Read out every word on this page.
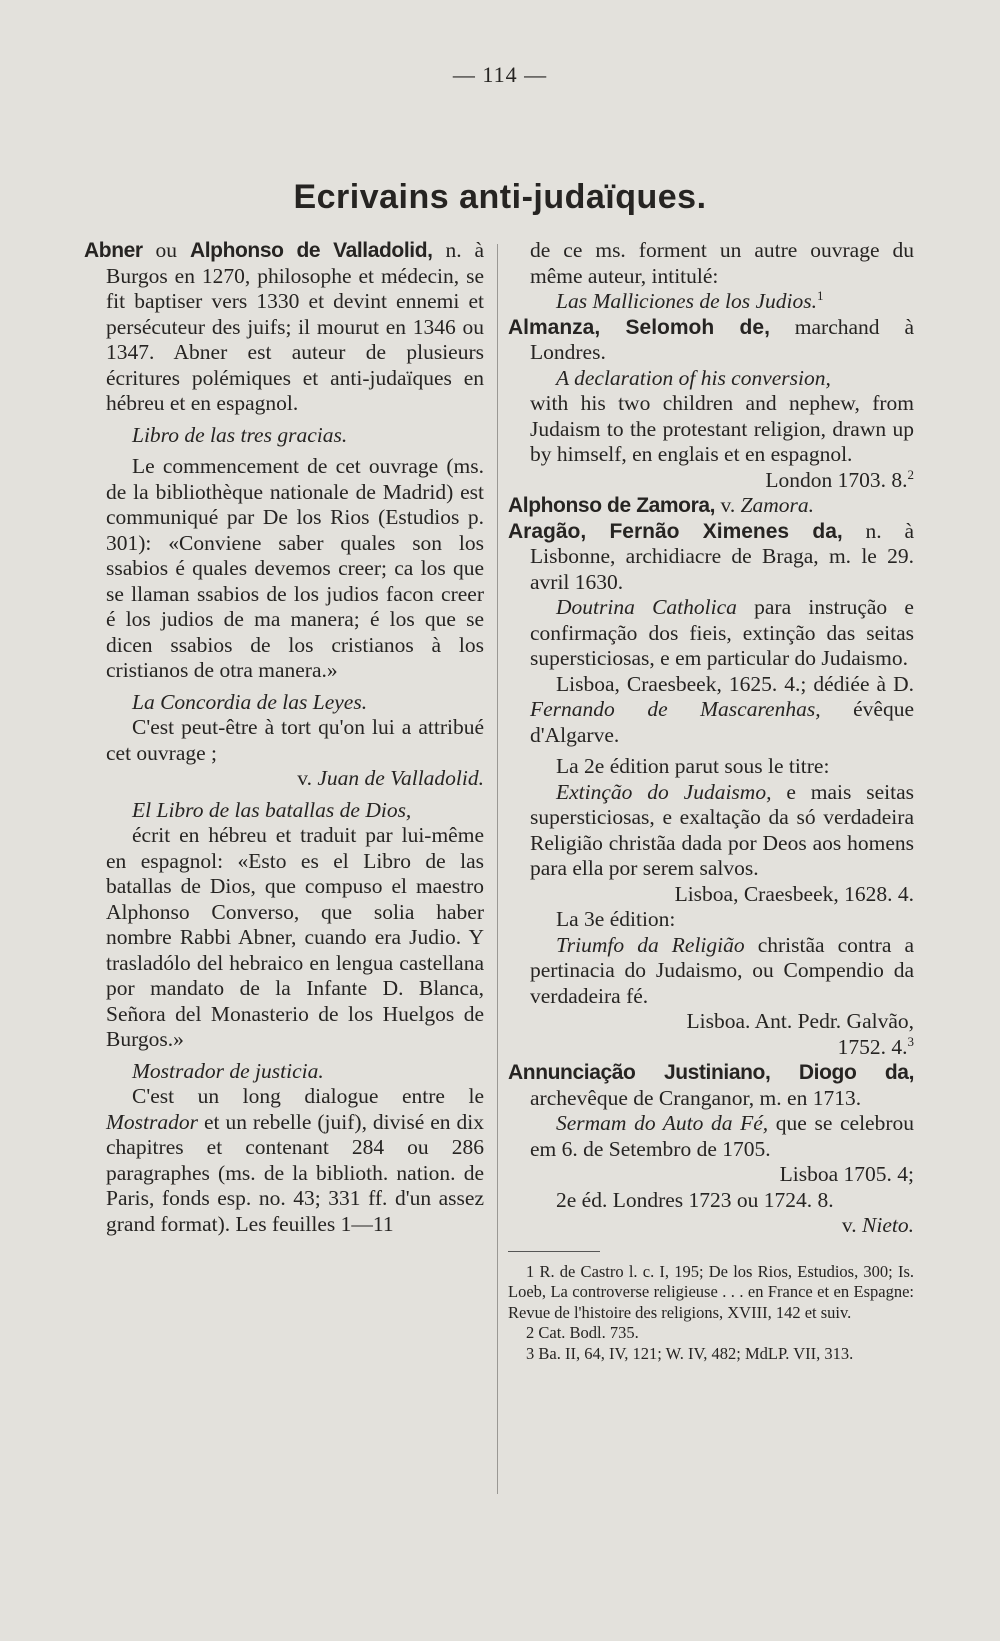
— 114 —
Ecrivains anti-judaïques.

Abner ou Alphonso de Valladolid, n. à Burgos en 1270, philosophe et médecin, se fit baptiser vers 1330 et devint ennemi et persécuteur des juifs; il mourut en 1346 ou 1347. Abner est auteur de plusieurs écritures polémiques et anti-judaïques en hébreu et en espagnol.

Libro de las tres gracias.

Le commencement de cet ouvrage (ms. de la bibliothèque nationale de Madrid) est communiqué par De los Rios (Estudios p. 301): «Conviene saber quales son los ssabios é quales devemos creer; ca los que se llaman ssabios de los judios facon creer é los judios de ma manera; é los que se dicen ssabios de los cristianos à los cristianos de otra manera.»

La Concordia de las Leyes.

C'est peut-être à tort qu'on lui a attribué cet ouvrage ;

v. Juan de Valladolid.

El Libro de las batallas de Dios,

écrit en hébreu et traduit par lui-même en espagnol: «Esto es el Libro de las batallas de Dios, que compuso el maestro Alphonso Converso, que solia haber nombre Rabbi Abner, cuando era Judio. Y trasladólo del hebraico en lengua castellana por mandato de la Infante D. Blanca, Señora del Monasterio de los Huelgos de Burgos.»

Mostrador de justicia.

C'est un long dialogue entre le Mostrador et un rebelle (juif), divisé en dix chapitres et contenant 284 ou 286 paragraphes (ms. de la biblioth. nation. de Paris, fonds esp. no. 43; 331 ff. d'un assez grand format). Les feuilles 1—11

de ce ms. forment un autre ouvrage du même auteur, intitulé:

Las Malliciones de los Judios.$^1$

Almanza, Selomoh de, marchand à Londres.

A declaration of his conversion,

with his two children and nephew, from Judaism to the protestant religion, drawn up by himself, en englais et en espagnol.

London 1703. 8.$^2$

Alphonso de Zamora, v. Zamora.

Aragão, Fernão Ximenes da, n. à Lisbonne, archidiacre de Braga, m. le 29. avril 1630.

Doutrina Catholica para instrução e confirmação dos fieis, extinção das seitas supersticiosas, e em particular do Judaismo.

Lisboa, Craesbeek, 1625. 4.; dédiée à D. Fernando de Mascarenhas, évêque d'Algarve.

La 2e édition parut sous le titre:

Extinção do Judaismo, e mais seitas supersticiosas, e exaltação da só verdadeira Religião christãa dada por Deos aos homens para ella por serem salvos.

Lisboa, Craesbeek, 1628. 4.

La 3e édition:

Triumfo da Religião christãa contra a pertinacia do Judaismo, ou Compendio da verdadeira fé.

Lisboa. Ant. Pedr. Galvão,

1752. 4.$^3$

Annunciação Justiniano, Diogo da, archevêque de Cranganor, m. en 1713.

Sermam do Auto da Fé, que se celebrou em 6. de Setembro de 1705.

Lisboa 1705. 4;

2e éd. Londres 1723 ou 1724. 8.

v. Nieto.

1 R. de Castro l. c. I, 195; De los Rios, Estudios, 300; Is. Loeb, La controverse religieuse . . . en France et en Espagne: Revue de l'histoire des religions, XVIII, 142 et suiv.

2 Cat. Bodl. 735.

3 Ba. II, 64, IV, 121; W. IV, 482; MdLP. VII, 313.
